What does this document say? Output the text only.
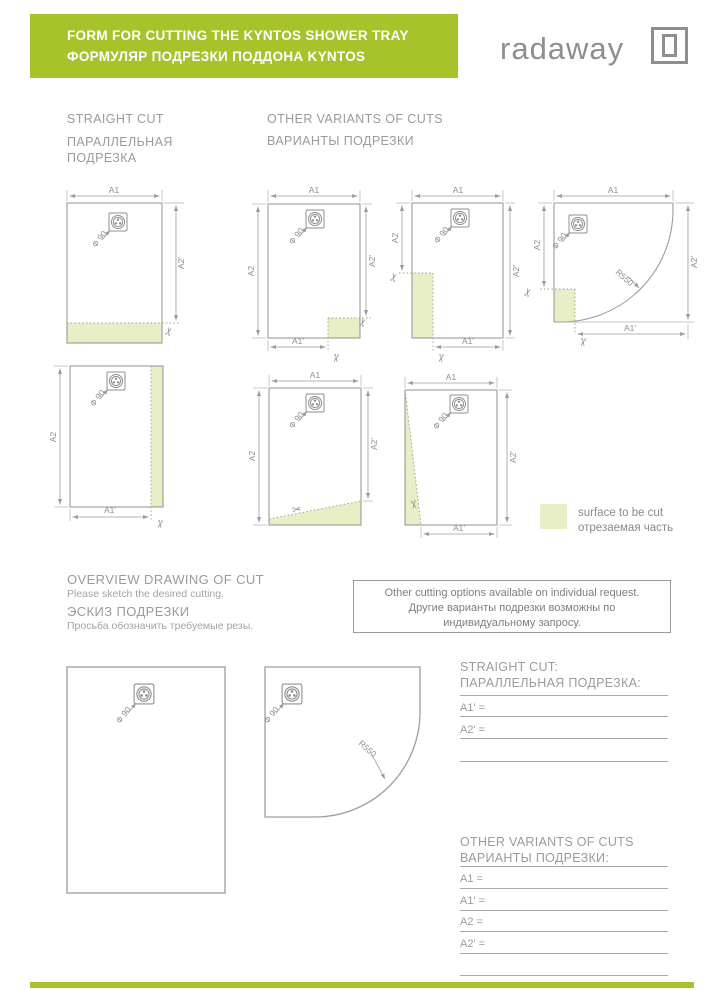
FORM FOR CUTTING THE KYNTOS SHOWER TRAY
ФОРМУЛЯР ПОДРЕЗКИ ПОДДОНА KYNTOS	radaway
STRAIGHT CUT
ПАРАЛЛЕЛЬНАЯ ПОДРЕЗКА
OTHER VARIANTS OF CUTS
ВАРИАНТЫ ПОДРЕЗКИ
A1
A2'
✂
Ф 90
A2
A1'
✂
Ф 90
A1
A2
A2'
A1'
✂
✂
Ф 90
A1
A2
A2'
A1'
✂
✂
Ф 90
A1
A2
A2'
A1'
R550
✂
✂
Ф 90
A1
A2
A2'
✂
Ф 90
A1
A2'
A1'
✂
Ф 90
Ф 90	Ф 90
R550
surface to be cut
отрезаемая часть
OVERVIEW DRAWING OF CUT
Please sketch the desired cutting.
ЭСКИЗ ПОДРЕЗКИ
Просьба обозначить требуемые резы.
Other cutting options available on individual request.
Другие варианты подрезки возможны по
индивидуальному запросу.
STRAIGHT CUT:
ПАРАЛЛЕЛЬНАЯ ПОДРЕЗКА:
A1' =
A2' =
OTHER VARIANTS OF CUTS
ВАРИАНТЫ ПОДРЕЗКИ:
A1 =
A1' =
A2 =
A2' =
